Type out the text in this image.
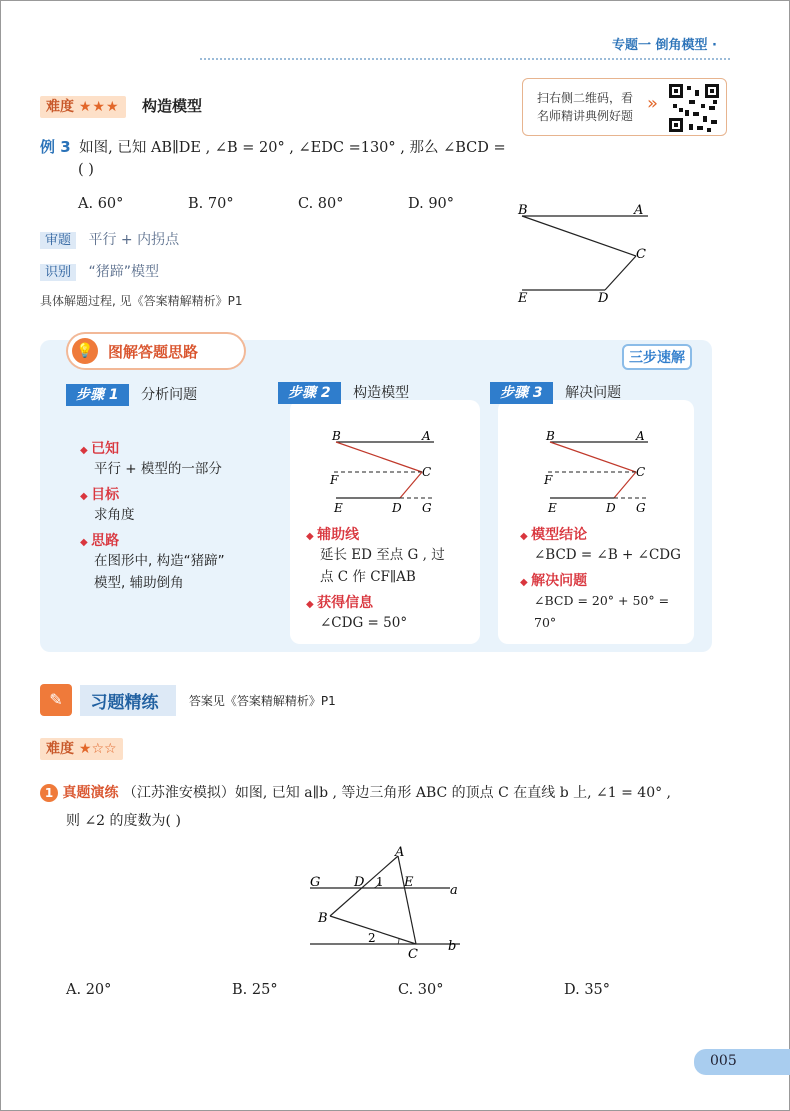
专题一 倒角模型 ·
难度 ★★★ 构造模型	扫右侧二维码，看
名师精讲典例好题
»
例 3 如图, 已知 AB∥DE , ∠B = 20° , ∠EDC =130° , 那么 ∠BCD =
( )
A. 60°	B. 70°	C. 80°	D. 90°
审题 平行 + 内拐点
识别 “猪蹄”模型
具体解题过程, 见《答案精解精析》P1
B	A
C
E	D
💡 图解答题思路	三步速解
步骤 1 分析问题
◆ 已知
平行 + 模型的一部分
◆ 目标
求角度
◆ 思路
在图形中, 构造“猪蹄”
模型, 辅助倒角
步骤 2 构造模型
B	A
F
C
E	D G
◆ 辅助线
延长 ED 至点 G , 过
点 C 作 CF∥AB
◆ 获得信息
∠CDG = 50°
步骤 3 解决问题
B	A
F
C
E	D G
◆ 模型结论
∠BCD = ∠B + ∠CDG
◆ 解决问题
∠BCD = 20° + 50° = 70°
✎ 习题精练	答案见《答案精解精析》P1
难度 ★☆☆
1 真题演练 （江苏淮安模拟）如图, 已知 a∥b , 等边三角形 ABC 的顶点 C 在直线 b 上, ∠1 = 40° ,
则 ∠2 的度数为( )
A
G	D 1 E
a
B
2
C
b
A. 20°	B. 25°	C. 30°	D. 35°
005
